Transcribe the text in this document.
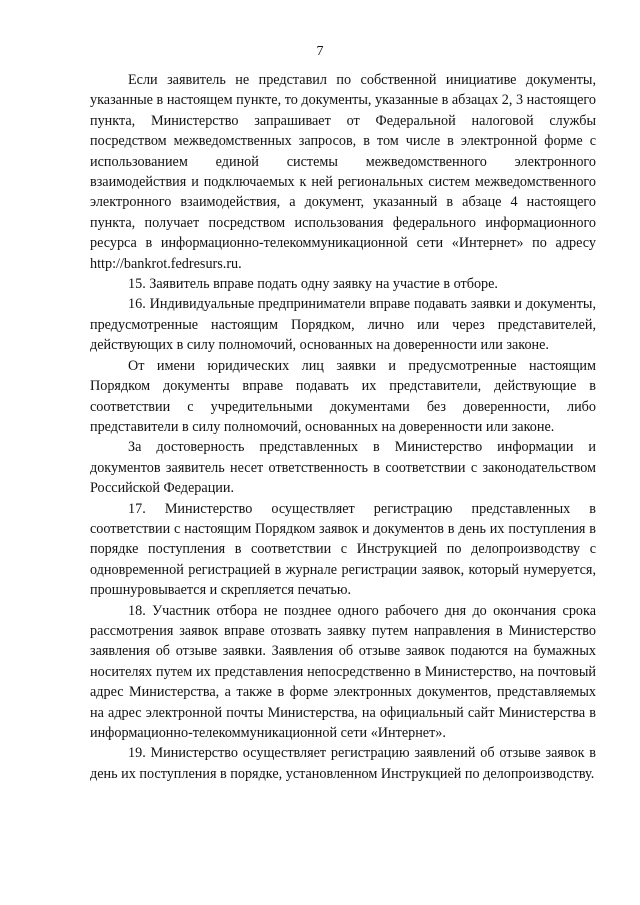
7

Если заявитель не представил по собственной инициативе документы, указанные в настоящем пункте, то документы, указанные в абзацах 2, 3 настоящего пункта, Министерство запрашивает от Федеральной налоговой службы посредством межведомственных запросов, в том числе в электронной форме с использованием единой системы межведомственного электронного взаимодействия и подключаемых к ней региональных систем межведомственного электронного взаимодействия, а документ, указанный в абзаце 4 настоящего пункта, получает посредством использования федерального информационного ресурса в информационно-телекоммуникационной сети «Интернет» по адресу http://bankrot.fedresurs.ru.

15. Заявитель вправе подать одну заявку на участие в отборе.

16. Индивидуальные предприниматели вправе подавать заявки и документы, предусмотренные настоящим Порядком, лично или через представителей, действующих в силу полномочий, основанных на доверенности или законе.

От имени юридических лиц заявки и предусмотренные настоящим Порядком документы вправе подавать их представители, действующие в соответствии с учредительными документами без доверенности, либо представители в силу полномочий, основанных на доверенности или законе.

За достоверность представленных в Министерство информации и документов заявитель несет ответственность в соответствии с законодательством Российской Федерации.

17. Министерство осуществляет регистрацию представленных в соответствии с настоящим Порядком заявок и документов в день их поступления в порядке поступления в соответствии с Инструкцией по делопроизводству с одновременной регистрацией в журнале регистрации заявок, который нумеруется, прошнуровывается и скрепляется печатью.

18. Участник отбора не позднее одного рабочего дня до окончания срока рассмотрения заявок вправе отозвать заявку путем направления в Министерство заявления об отзыве заявки. Заявления об отзыве заявок подаются на бумажных носителях путем их представления непосредственно в Министерство, на почтовый адрес Министерства, а также в форме электронных документов, представляемых на адрес электронной почты Министерства, на официальный сайт Министерства в информационно-телекоммуникационной сети «Интернет».

19. Министерство осуществляет регистрацию заявлений об отзыве заявок в день их поступления в порядке, установленном Инструкцией по делопроизводству.
